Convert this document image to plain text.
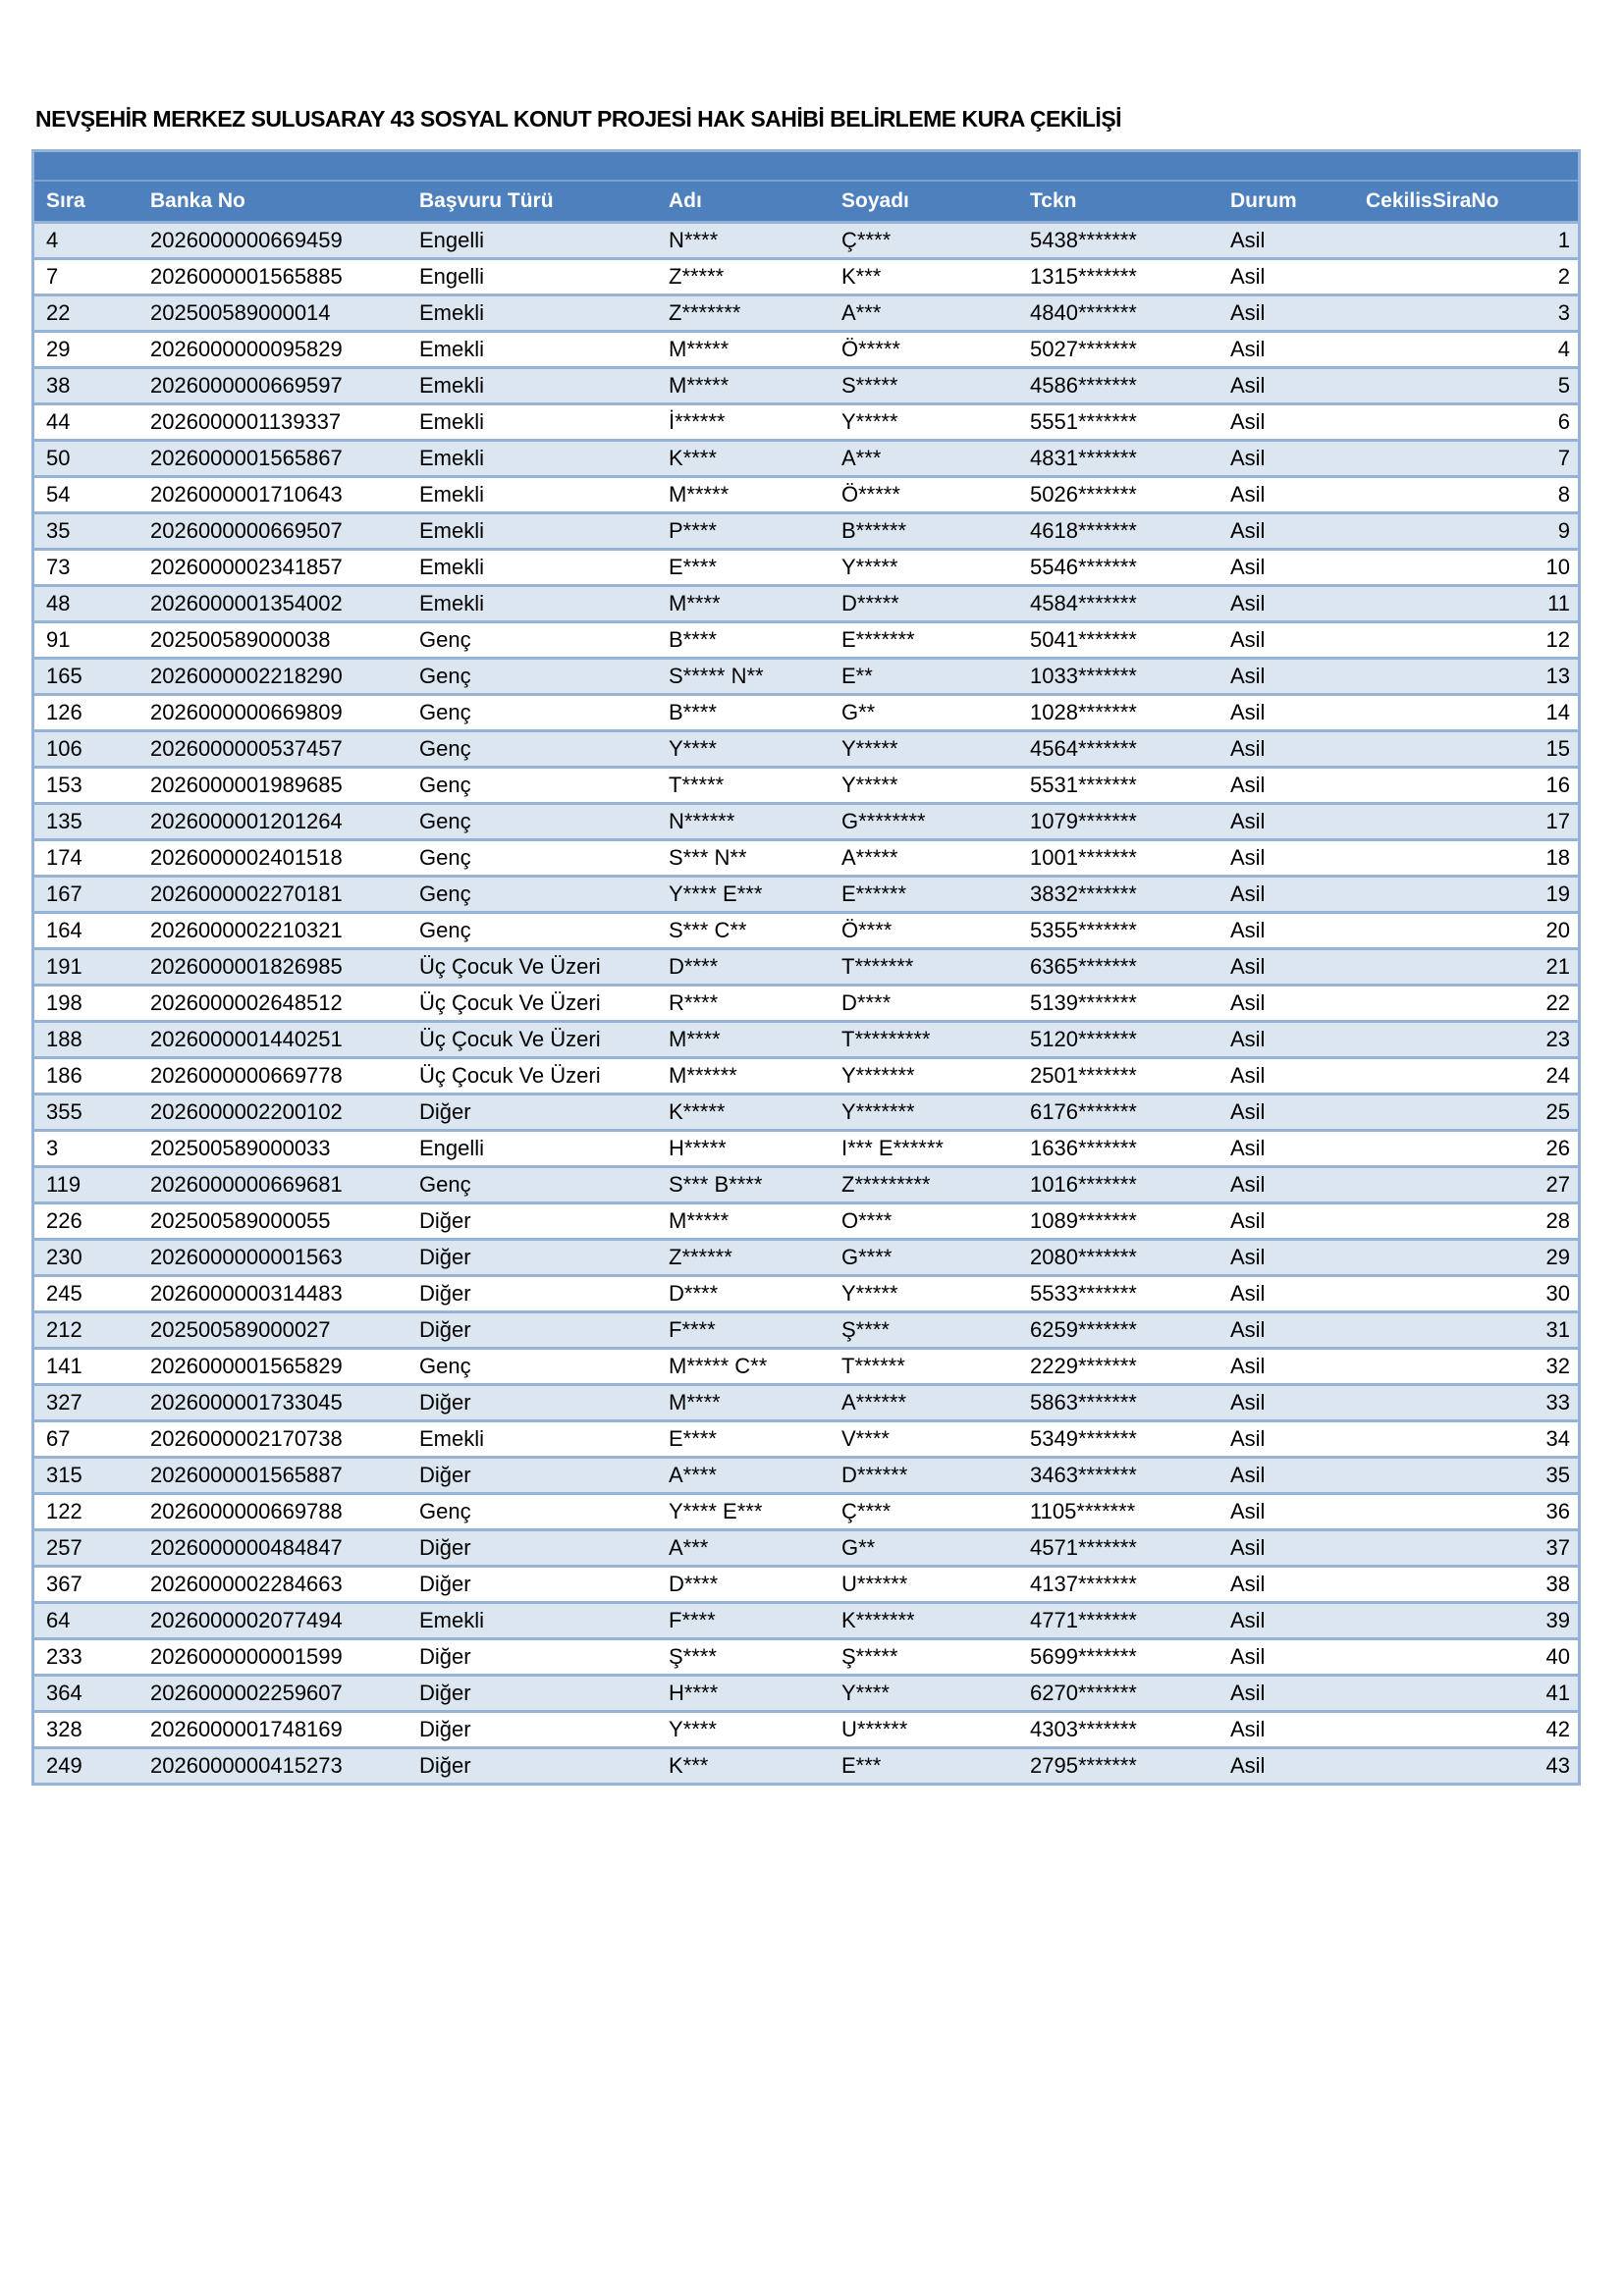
NEVŞEHİR MERKEZ SULUSARAY 43 SOSYAL KONUT PROJESİ HAK SAHİBİ BELİRLEME KURA ÇEKİLİŞİ

Sıra	Banka No	Başvuru Türü	Adı	Soyadı	Tckn	Durum	CekilisSiraNo
4	2026000000669459	Engelli	N****	Ç****	5438*******	Asil	1
7	2026000001565885	Engelli	Z*****	K***	1315*******	Asil	2
22	202500589000014	Emekli	Z*******	A***	4840*******	Asil	3
29	2026000000095829	Emekli	M*****	Ö*****	5027*******	Asil	4
38	2026000000669597	Emekli	M*****	S*****	4586*******	Asil	5
44	2026000001139337	Emekli	İ******	Y*****	5551*******	Asil	6
50	2026000001565867	Emekli	K****	A***	4831*******	Asil	7
54	2026000001710643	Emekli	M*****	Ö*****	5026*******	Asil	8
35	2026000000669507	Emekli	P****	B******	4618*******	Asil	9
73	2026000002341857	Emekli	E****	Y*****	5546*******	Asil	10
48	2026000001354002	Emekli	M****	D*****	4584*******	Asil	11
91	202500589000038	Genç	B****	E*******	5041*******	Asil	12
165	2026000002218290	Genç	S***** N**	E**	1033*******	Asil	13
126	2026000000669809	Genç	B****	G**	1028*******	Asil	14
106	2026000000537457	Genç	Y****	Y*****	4564*******	Asil	15
153	2026000001989685	Genç	T*****	Y*****	5531*******	Asil	16
135	2026000001201264	Genç	N******	G********	1079*******	Asil	17
174	2026000002401518	Genç	S*** N**	A*****	1001*******	Asil	18
167	2026000002270181	Genç	Y**** E***	E******	3832*******	Asil	19
164	2026000002210321	Genç	S*** C**	Ö****	5355*******	Asil	20
191	2026000001826985	Üç Çocuk Ve Üzeri	D****	T*******	6365*******	Asil	21
198	2026000002648512	Üç Çocuk Ve Üzeri	R****	D****	5139*******	Asil	22
188	2026000001440251	Üç Çocuk Ve Üzeri	M****	T*********	5120*******	Asil	23
186	2026000000669778	Üç Çocuk Ve Üzeri	M******	Y*******	2501*******	Asil	24
355	2026000002200102	Diğer	K*****	Y*******	6176*******	Asil	25
3	202500589000033	Engelli	H*****	I*** E******	1636*******	Asil	26
119	2026000000669681	Genç	S*** B****	Z*********	1016*******	Asil	27
226	202500589000055	Diğer	M*****	O****	1089*******	Asil	28
230	2026000000001563	Diğer	Z******	G****	2080*******	Asil	29
245	2026000000314483	Diğer	D****	Y*****	5533*******	Asil	30
212	202500589000027	Diğer	F****	Ş****	6259*******	Asil	31
141	2026000001565829	Genç	M***** C**	T******	2229*******	Asil	32
327	2026000001733045	Diğer	M****	A******	5863*******	Asil	33
67	2026000002170738	Emekli	E****	V****	5349*******	Asil	34
315	2026000001565887	Diğer	A****	D******	3463*******	Asil	35
122	2026000000669788	Genç	Y**** E***	Ç****	1105*******	Asil	36
257	2026000000484847	Diğer	A***	G**	4571*******	Asil	37
367	2026000002284663	Diğer	D****	U******	4137*******	Asil	38
64	2026000002077494	Emekli	F****	K*******	4771*******	Asil	39
233	2026000000001599	Diğer	Ş****	Ş*****	5699*******	Asil	40
364	2026000002259607	Diğer	H****	Y****	6270*******	Asil	41
328	2026000001748169	Diğer	Y****	U******	4303*******	Asil	42
249	2026000000415273	Diğer	K***	E***	2795*******	Asil	43
